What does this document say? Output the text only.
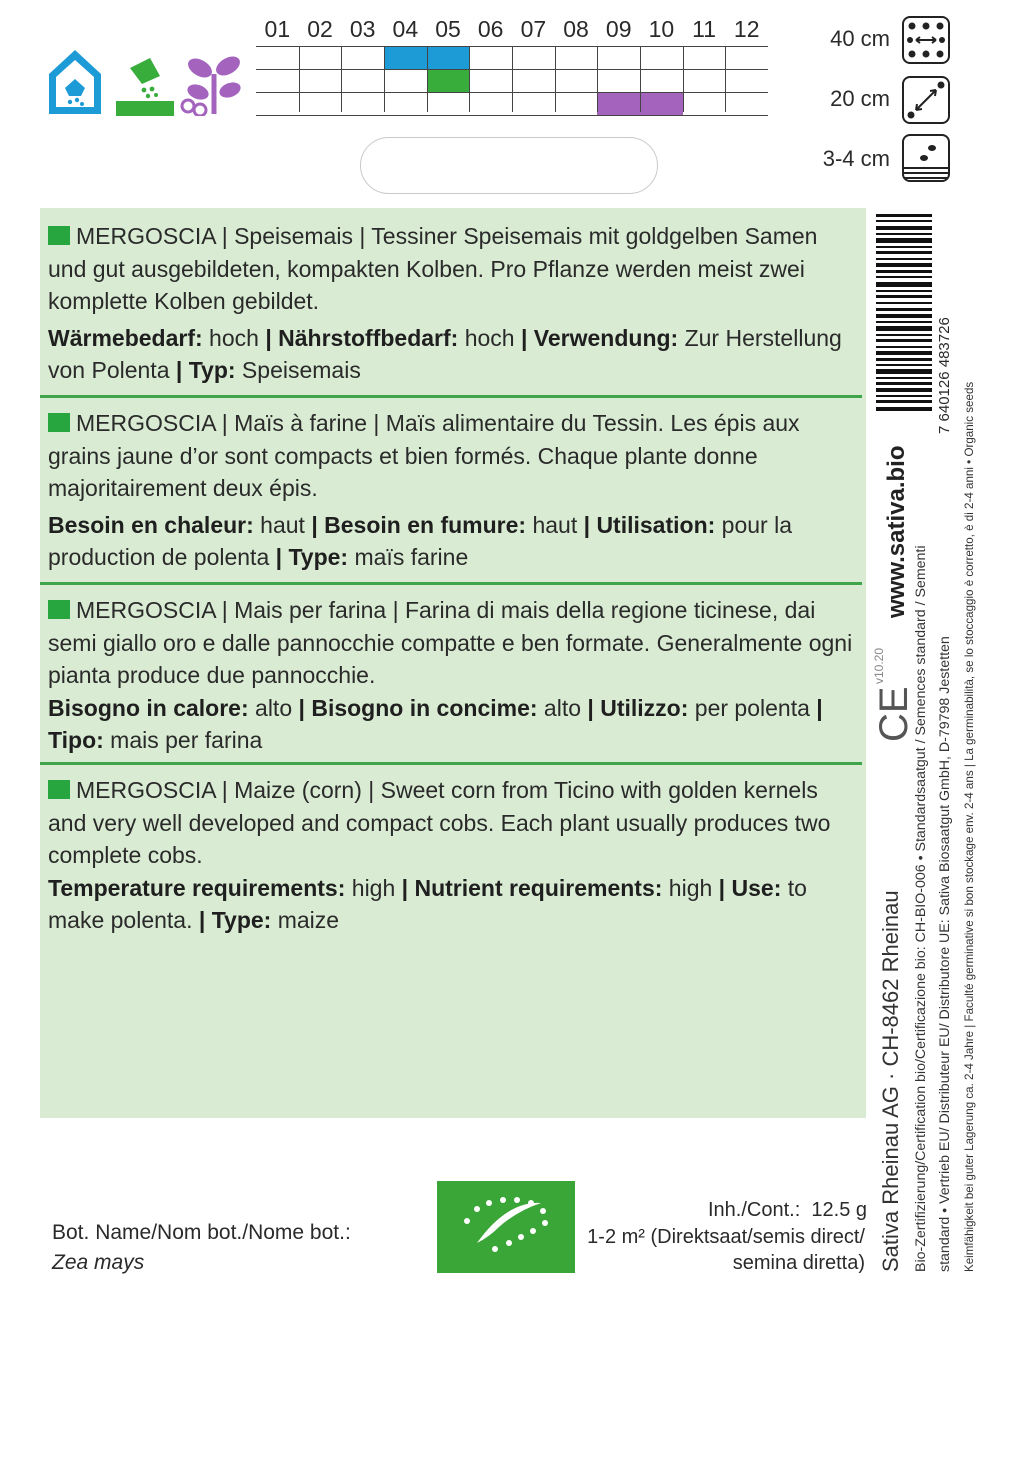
01 02 03 04 05 06 07 08 09 10 11 12	40 cm
20 cm
3-4 cm

MERGOSCIA | Speisemais | Tessiner Speisemais mit goldgelben Samen und gut ausgebildeten, kompakten Kolben. Pro Pflanze werden meist zwei komplette Kolben gebildet.

Wärmebedarf: hoch | Nährstoffbedarf: hoch | Verwendung: Zur Herstellung von Polenta | Typ: Speisemais

MERGOSCIA | Maïs à farine | Maïs alimentaire du Tessin. Les épis aux grains jaune d’or sont compacts et bien formés. Chaque plante donne majoritairement deux épis.

Besoin en chaleur: haut | Besoin en fumure: haut | Utilisation: pour la production de polenta | Type: maïs farine

MERGOSCIA | Mais per farina | Farina di mais della regione ticinese, dai semi giallo oro e dalle pannocchie compatte e ben formate. Generalmente ogni pianta produce due pannocchie.

Bisogno in calore: alto | Bisogno in concime: alto | Utilizzo: per polenta | Tipo: mais per farina

MERGOSCIA | Maize (corn) | Sweet corn from Ticino with golden kernels and very well developed and compact cobs. Each plant usually produces two complete cobs.

Temperature requirements: high | Nutrient requirements: high | Use: to make polenta. | Type: maize

7 640126 483726
www.sativa.bio
v10.20
CE
Sativa Rheinau AG · CH-8462 Rheinau Bio-Zertifizierung/Certification bio/Certificazione bio: CH-BIO-006 • Standardsaatgut / Semences standard / Sementi standard • Vertrieb EU/ Distributeur EU/ Distributore UE: Sativa Biosaatgut GmbH, D-79798 Jestetten Keimfähigkeit bei guter Lagerung ca. 2-4 Jahre | Faculté germinative si bon stockage env. 2-4 ans | La germinabilità, se lo stoccaggio è corretto, è di 2-4 anni • Organic seeds
Bot. Name/Nom bot./Nome bot.:
Zea mays
Inh./Cont.: 12.5 g
1-2 m² (Direktsaat/semis direct/
semina diretta)
